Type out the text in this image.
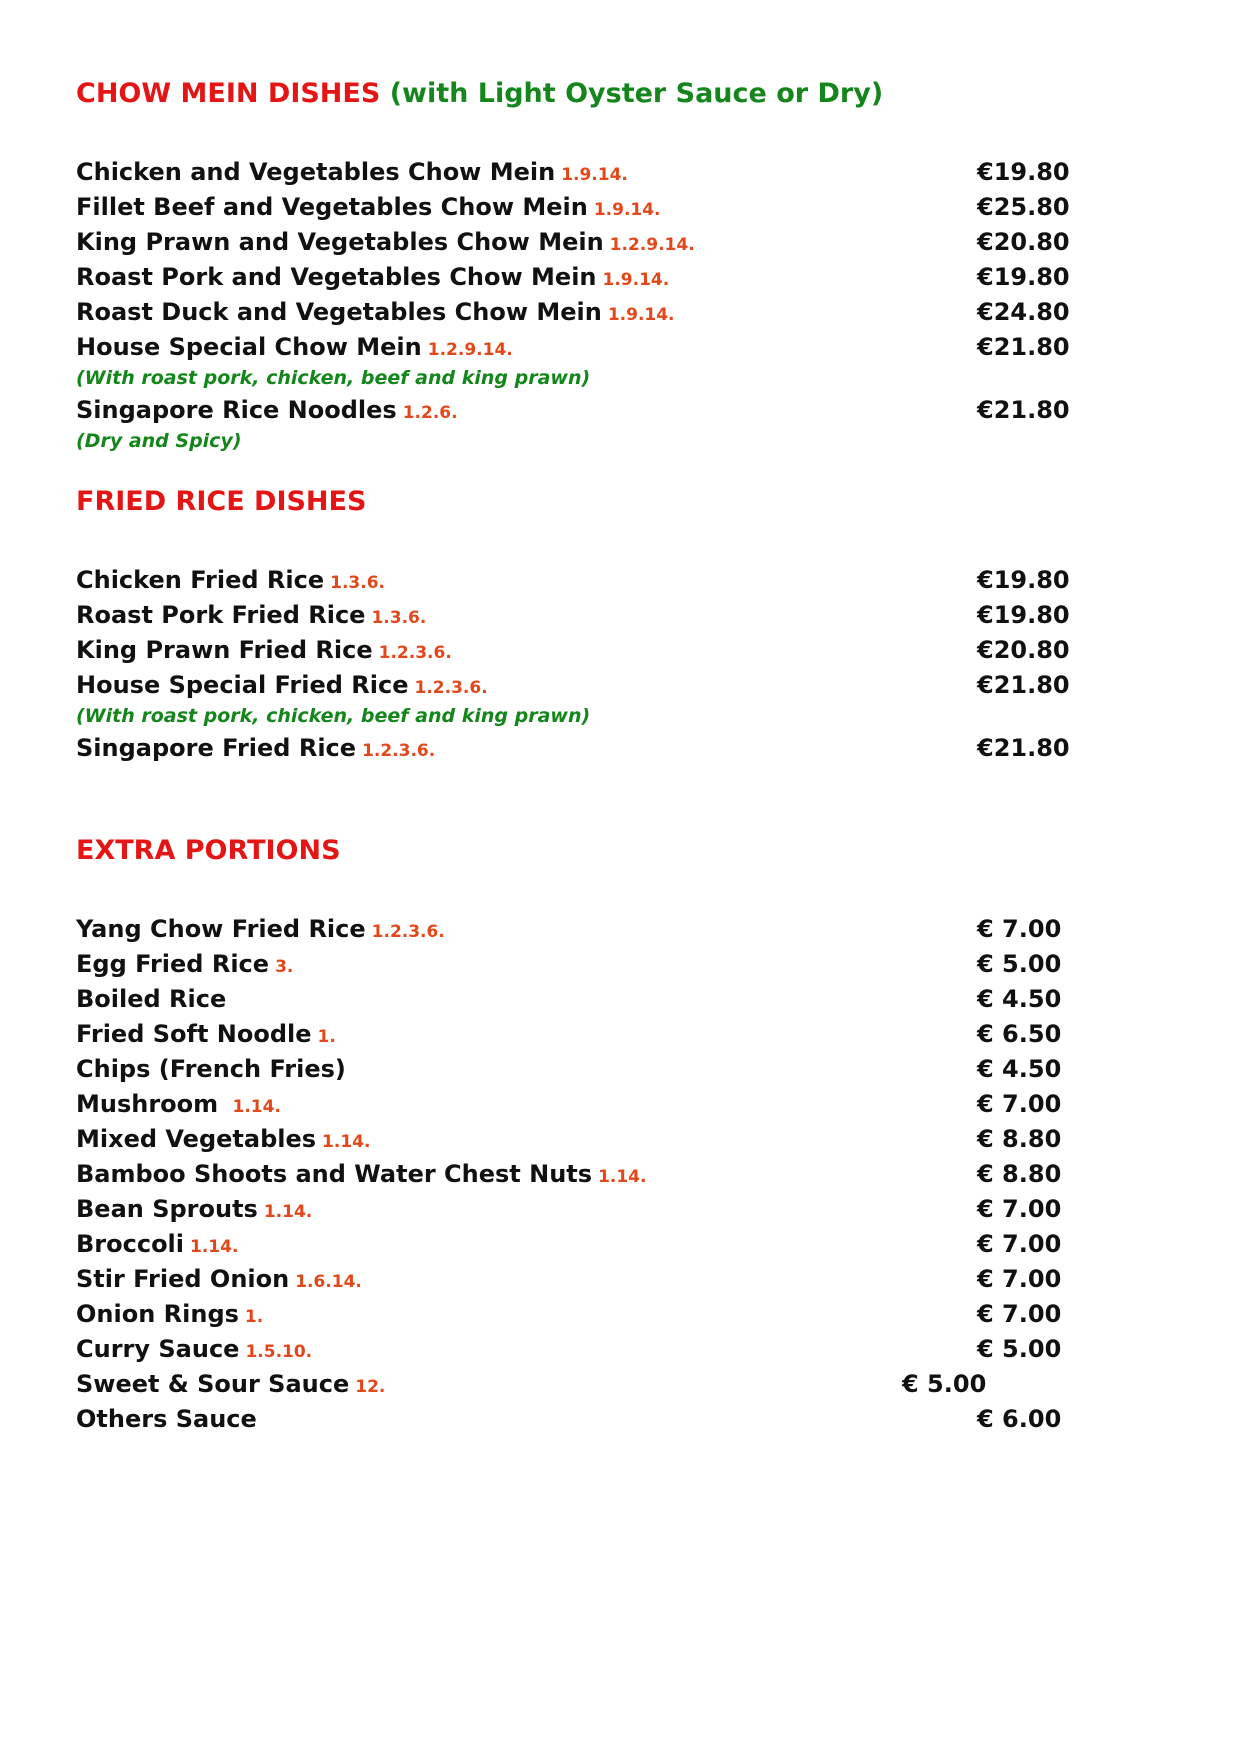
CHOW MEIN DISHES (with Light Oyster Sauce or Dry)
Chicken and Vegetables Chow Mein 1.9.14.	€19.80
Fillet Beef and Vegetables Chow Mein 1.9.14.	€25.80
King Prawn and Vegetables Chow Mein 1.2.9.14.	€20.80
Roast Pork and Vegetables Chow Mein 1.9.14.	€19.80
Roast Duck and Vegetables Chow Mein 1.9.14.	€24.80
House Special Chow Mein 1.2.9.14.	€21.80
(With roast pork, chicken, beef and king prawn)
Singapore Rice Noodles 1.2.6.	€21.80
(Dry and Spicy)
FRIED RICE DISHES
Chicken Fried Rice 1.3.6.	€19.80
Roast Pork Fried Rice 1.3.6.	€19.80
King Prawn Fried Rice 1.2.3.6.	€20.80
House Special Fried Rice 1.2.3.6.	€21.80
(With roast pork, chicken, beef and king prawn)
Singapore Fried Rice 1.2.3.6.	€21.80
EXTRA PORTIONS
Yang Chow Fried Rice 1.2.3.6.	€ 7.00
Egg Fried Rice 3.	€ 5.00
Boiled Rice	€ 4.50
Fried Soft Noodle 1.	€ 6.50
Chips (French Fries)	€ 4.50
Mushroom 1.14.	€ 7.00
Mixed Vegetables 1.14.	€ 8.80
Bamboo Shoots and Water Chest Nuts 1.14.	€ 8.80
Bean Sprouts 1.14.	€ 7.00
Broccoli 1.14.	€ 7.00
Stir Fried Onion 1.6.14.	€ 7.00
Onion Rings 1.	€ 7.00
Curry Sauce 1.5.10.	€ 5.00
Sweet & Sour Sauce 12.	€ 5.00
Others Sauce	€ 6.00
